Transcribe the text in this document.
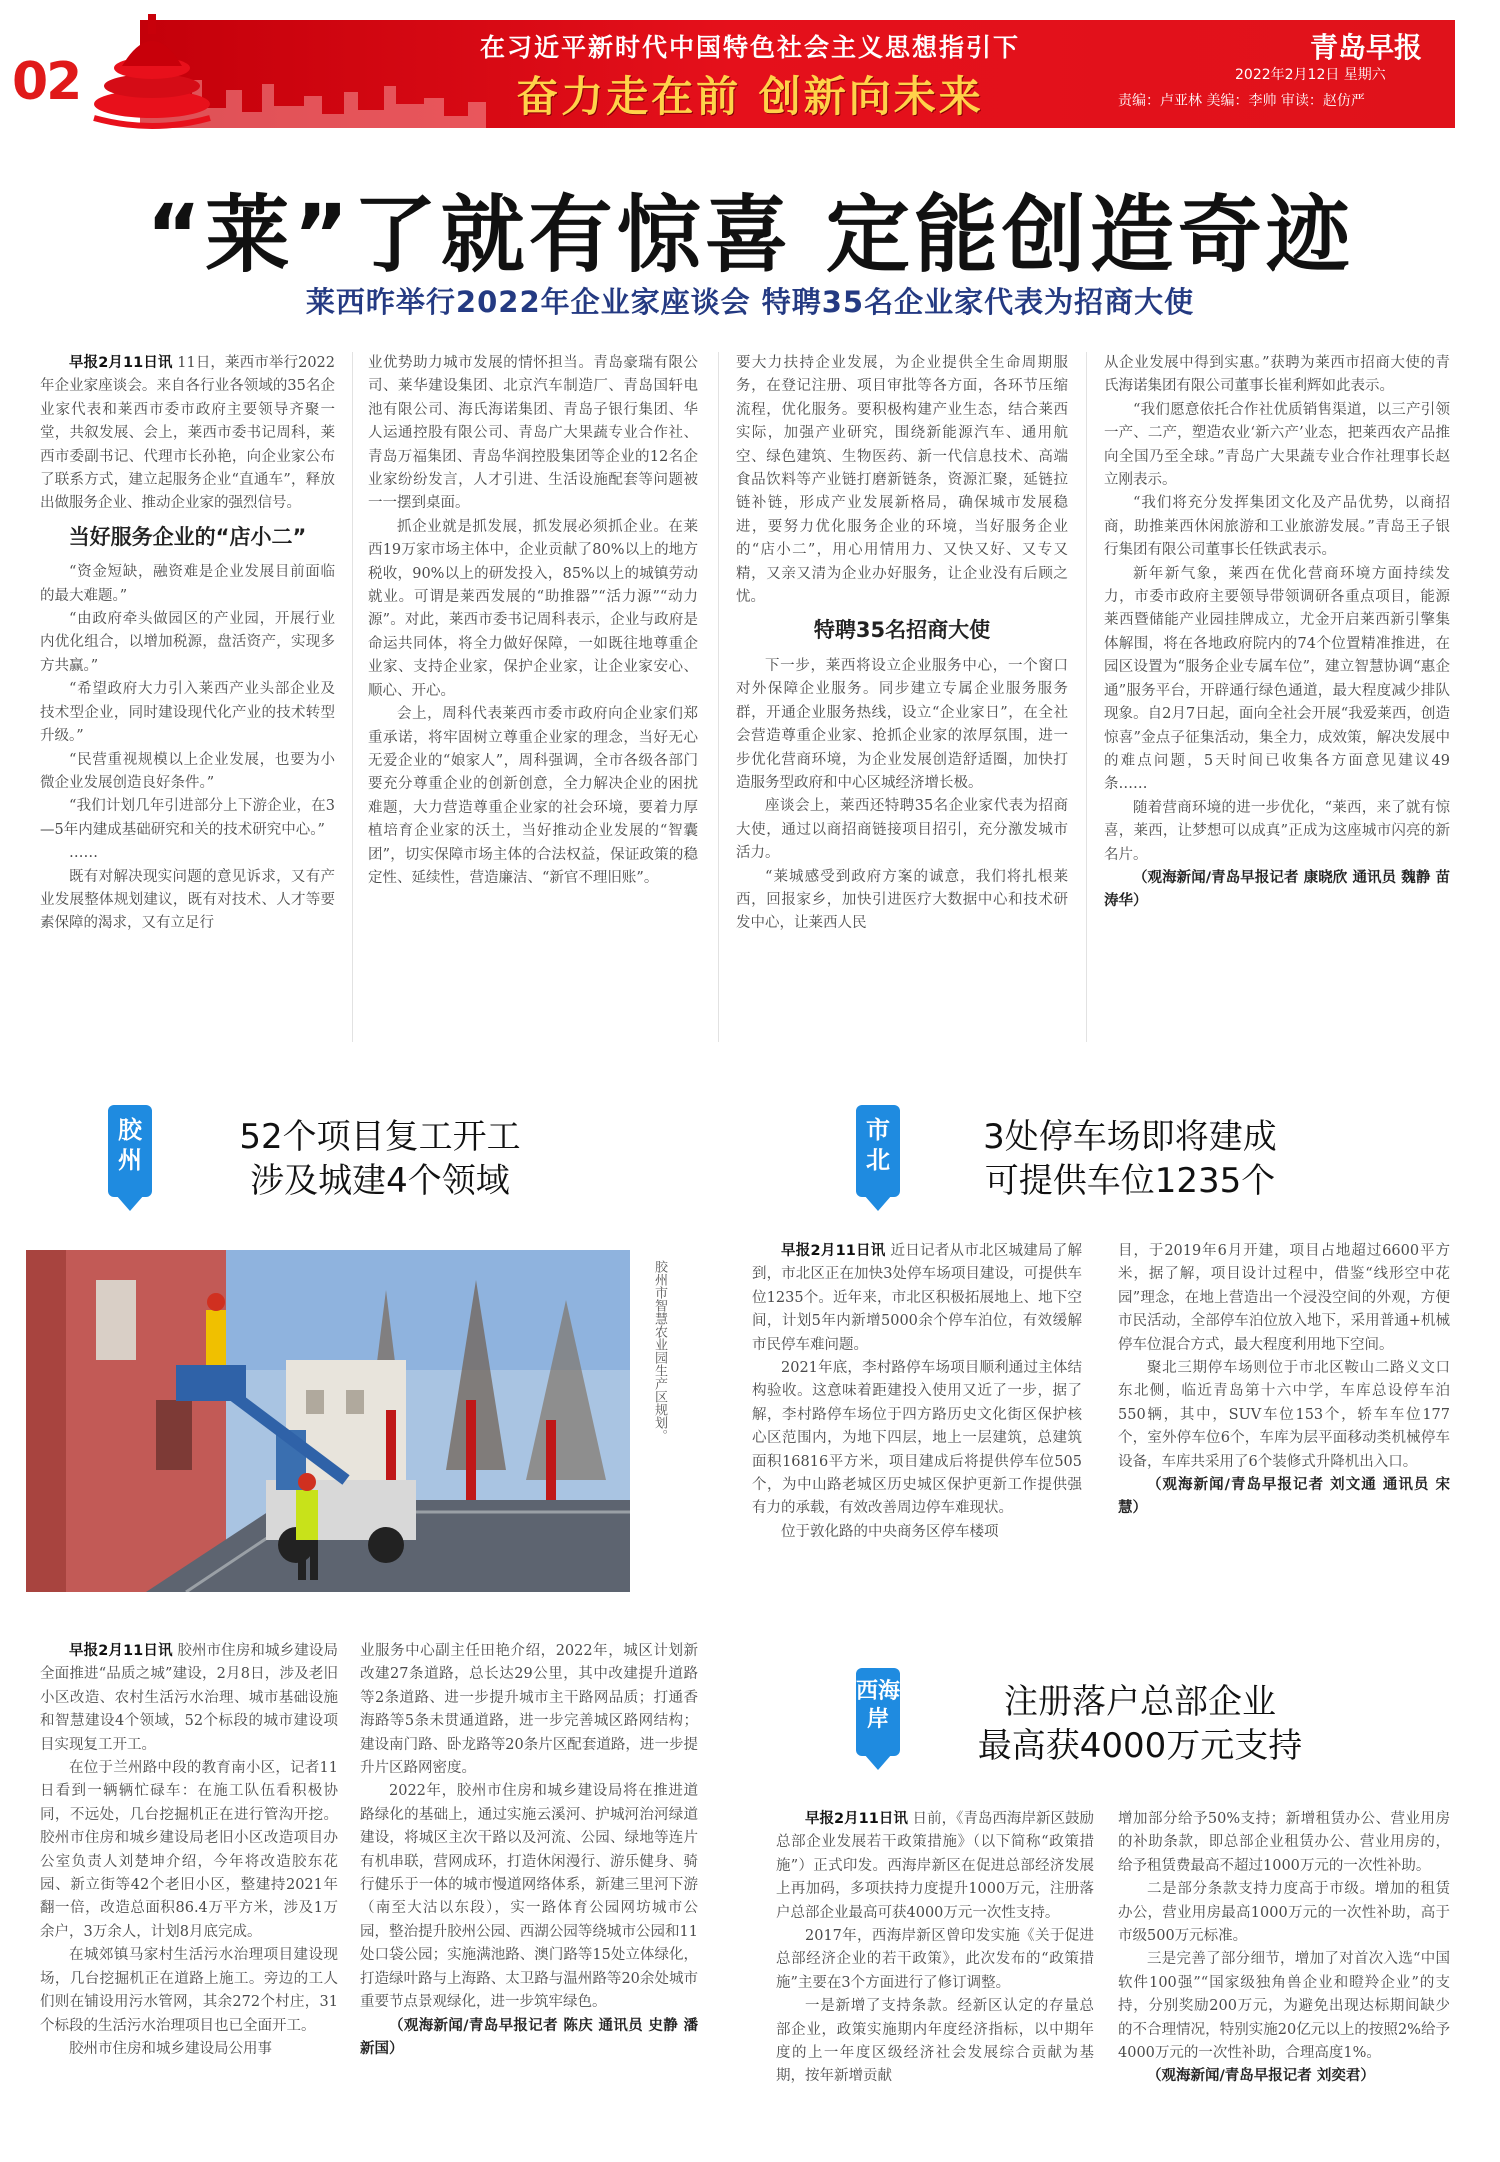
02
在习近平新时代中国特色社会主义思想指引下
奋力走在前 创新向未来
青岛早报
2022年2月12日 星期六
责编：卢亚林 美编：李帅 审读：赵仿严
“莱”了就有惊喜 定能创造奇迹
莱西昨举行2022年企业家座谈会 特聘35名企业家代表为招商大使

早报2月11日讯 11日，莱西市举行2022年企业家座谈会。来自各行业各领域的35名企业家代表和莱西市委市政府主要领导齐聚一堂，共叙发展、会上，莱西市委书记周科，莱西市委副书记、代理市长孙艳，向企业家公布了联系方式，建立起服务企业“直通车”，释放出做服务企业、推动企业家的强烈信号。

当好服务企业的“店小二”

“资金短缺，融资难是企业发展目前面临的最大难题。”

“由政府牵头做园区的产业园，开展行业内优化组合，以增加税源，盘活资产，实现多方共赢。”

“希望政府大力引入莱西产业头部企业及技术型企业，同时建设现代化产业的技术转型升级。”

“民营重视规模以上企业发展，也要为小微企业发展创造良好条件。”

“我们计划几年引进部分上下游企业，在3—5年内建成基础研究和关的技术研究中心。”

……

既有对解决现实问题的意见诉求，又有产业发展整体规划建议，既有对技术、人才等要素保障的渴求，又有立足行

业优势助力城市发展的情怀担当。青岛豪瑞有限公司、莱华建设集团、北京汽车制造厂、青岛国轩电池有限公司、海氏海诺集团、青岛子银行集团、华人运通控股有限公司、青岛广大果蔬专业合作社、青岛万福集团、青岛华润控股集团等企业的12名企业家纷纷发言，人才引进、生活设施配套等问题被一一摆到桌面。

抓企业就是抓发展，抓发展必须抓企业。在莱西19万家市场主体中，企业贡献了80%以上的地方税收，90%以上的研发投入，85%以上的城镇劳动就业。可谓是莱西发展的“助推器”“活力源”“动力源”。对此，莱西市委书记周科表示，企业与政府是命运共同体，将全力做好保障，一如既往地尊重企业家、支持企业家，保护企业家，让企业家安心、顺心、开心。

会上，周科代表莱西市委市政府向企业家们郑重承诺，将牢固树立尊重企业家的理念，当好无心无爱企业的“娘家人”，周科强调，全市各级各部门要充分尊重企业的创新创意，全力解决企业的困扰难题，大力营造尊重企业家的社会环境，要着力厚植培育企业家的沃土，当好推动企业发展的“智囊团”，切实保障市场主体的合法权益，保证政策的稳定性、延续性，营造廉洁、“新官不理旧账”。

要大力扶持企业发展，为企业提供全生命周期服务，在登记注册、项目审批等各方面，各环节压缩流程，优化服务。要积极构建产业生态，结合莱西实际，加强产业研究，围绕新能源汽车、通用航空、绿色建筑、生物医药、新一代信息技术、高端食品饮料等产业链打磨新链条，资源汇聚，延链拉链补链，形成产业发展新格局，确保城市发展稳进，要努力优化服务企业的环境，当好服务企业的“店小二”，用心用情用力、又快又好、又专又精，又亲又清为企业办好服务，让企业没有后顾之忧。

特聘35名招商大使

下一步，莱西将设立企业服务中心，一个窗口对外保障企业服务。同步建立专属企业服务服务群，开通企业服务热线，设立“企业家日”，在全社会营造尊重企业家、抢抓企业家的浓厚氛围，进一步优化营商环境，为企业发展创造舒适圈，加快打造服务型政府和中心区城经济增长极。

座谈会上，莱西还特聘35名企业家代表为招商大使，通过以商招商链接项目招引，充分激发城市活力。

“莱城感受到政府方案的诚意，我们将扎根莱西，回报家乡，加快引进医疗大数据中心和技术研发中心，让莱西人民

从企业发展中得到实惠。”获聘为莱西市招商大使的青氏海诺集团有限公司董事长崔利辉如此表示。

“我们愿意依托合作社优质销售渠道，以三产引领一产、二产，塑造农业‘新六产’业态，把莱西农产品推向全国乃至全球。”青岛广大果蔬专业合作社理事长赵立刚表示。

“我们将充分发挥集团文化及产品优势，以商招商，助推莱西休闲旅游和工业旅游发展。”青岛王子银行集团有限公司董事长任铁武表示。

新年新气象，莱西在优化营商环境方面持续发力，市委市政府主要领导带领调研各重点项目，能源莱西暨储能产业园挂牌成立，尤金开启莱西新引擎集体解围，将在各地政府院内的74个位置精准推进，在园区设置为“服务企业专属车位”，建立智慧协调“惠企通”服务平台，开辟通行绿色通道，最大程度减少排队现象。自2月7日起，面向全社会开展“我爱莱西，创造惊喜”金点子征集活动，集全力，成效策，解决发展中的难点问题，5天时间已收集各方面意见建议49条……

随着营商环境的进一步优化，“莱西，来了就有惊喜，莱西，让梦想可以成真”正成为这座城市闪亮的新名片。

（观海新闻/青岛早报记者 康晓欣 通讯员 魏静 苗涛华）

胶州
52个项目复工开工
涉及城建4个领域
胶州市智慧农业园生产区规划。

早报2月11日讯 胶州市住房和城乡建设局全面推进“品质之城”建设，2月8日，涉及老旧小区改造、农村生活污水治理、城市基础设施和智慧建设4个领域，52个标段的城市建设项目实现复工开工。

在位于兰州路中段的教育南小区，记者11日看到一辆辆忙碌车：在施工队伍看积极协同，不远处，几台挖掘机正在进行管沟开挖。胶州市住房和城乡建设局老旧小区改造项目办公室负责人刘楚坤介绍，今年将改造胶东花园、新立街等42个老旧小区，整建持2021年翻一倍，改造总面积86.4万平方米，涉及1万余户，3万余人，计划8月底完成。

在城郊镇马家村生活污水治理项目建设现场，几台挖掘机正在道路上施工。旁边的工人们则在铺设用污水管网，其余272个村庄，31个标段的生活污水治理项目也已全面开工。

胶州市住房和城乡建设局公用事

业服务中心副主任田艳介绍，2022年，城区计划新改建27条道路，总长达29公里，其中改建提升道路等2条道路、进一步提升城市主干路网品质；打通香海路等5条未贯通道路，进一步完善城区路网结构；建设南门路、卧龙路等20条片区配套道路，进一步提升片区路网密度。

2022年，胶州市住房和城乡建设局将在推进道路绿化的基础上，通过实施云溪河、护城河治河绿道建设，将城区主次干路以及河流、公园、绿地等连片有机串联，营网成环，打造休闲漫行、游乐健身、骑行健乐于一体的城市慢道网络体系，新建三里河下游（南至大沽以东段），实一路体育公园网坊城市公园，整治提升胶州公园、西湖公园等绕城市公园和11处口袋公园；实施满池路、澳门路等15处立体绿化，打造绿叶路与上海路、太卫路与温州路等20余处城市重要节点景观绿化，进一步筑牢绿色。

（观海新闻/青岛早报记者 陈庆 通讯员 史静 潘新国）

市北
3处停车场即将建成
可提供车位1235个

早报2月11日讯 近日记者从市北区城建局了解到，市北区正在加快3处停车场项目建设，可提供车位1235个。近年来，市北区积极拓展地上、地下空间，计划5年内新增5000余个停车泊位，有效缓解市民停车难问题。

2021年底，李村路停车场项目顺利通过主体结构验收。这意味着距建投入使用又近了一步，据了解，李村路停车场位于四方路历史文化街区保护核心区范围内，为地下四层，地上一层建筑，总建筑面积16816平方米，项目建成后将提供停车位505个，为中山路老城区历史城区保护更新工作提供强有力的承载，有效改善周边停车难现状。

位于敦化路的中央商务区停车楼项

目，于2019年6月开建，项目占地超过6600平方米，据了解，项目设计过程中，借鉴“线形空中花园”理念，在地上营造出一个浸没空间的外观，方便市民活动，全部停车泊位放入地下，采用普通+机械停车位混合方式，最大程度利用地下空间。

聚北三期停车场则位于市北区鞍山二路义文口东北侧，临近青岛第十六中学，车库总设停车泊550辆，其中，SUV车位153个，轿车车位177个，室外停车位6个，车库为层平面移动类机械停车设备，车库共采用了6个装修式升降机出入口。

（观海新闻/青岛早报记者 刘文通 通讯员 宋慧）

西海岸	注册落户总部企业
最高获4000万元支持

早报2月11日讯 日前，《青岛西海岸新区鼓励总部企业发展若干政策措施》（以下简称“政策措施”）正式印发。西海岸新区在促进总部经济发展上再加码，多项扶持力度提升1000万元，注册落户总部企业最高可获4000万元一次性支持。

2017年，西海岸新区曾印发实施《关于促进总部经济企业的若干政策》，此次发布的“政策措施”主要在3个方面进行了修订调整。

一是新增了支持条款。经新区认定的存量总部企业，政策实施期内年度经济指标，以中期年度的上一年度区级经济社会发展综合贡献为基期，按年新增贡献

增加部分给予50%支持；新增租赁办公、营业用房的补助条款，即总部企业租赁办公、营业用房的，给予租赁费最高不超过1000万元的一次性补助。

二是部分条款支持力度高于市级。增加的租赁办公，营业用房最高1000万元的一次性补助，高于市级500万元标准。

三是完善了部分细节，增加了对首次入选“中国软件100强”“国家级独角兽企业和瞪羚企业”的支持，分别奖励200万元，为避免出现达标期间缺少的不合理情况，特别实施20亿元以上的按照2%给予4000万元的一次性补助，合理高度1%。

（观海新闻/青岛早报记者 刘奕君）
